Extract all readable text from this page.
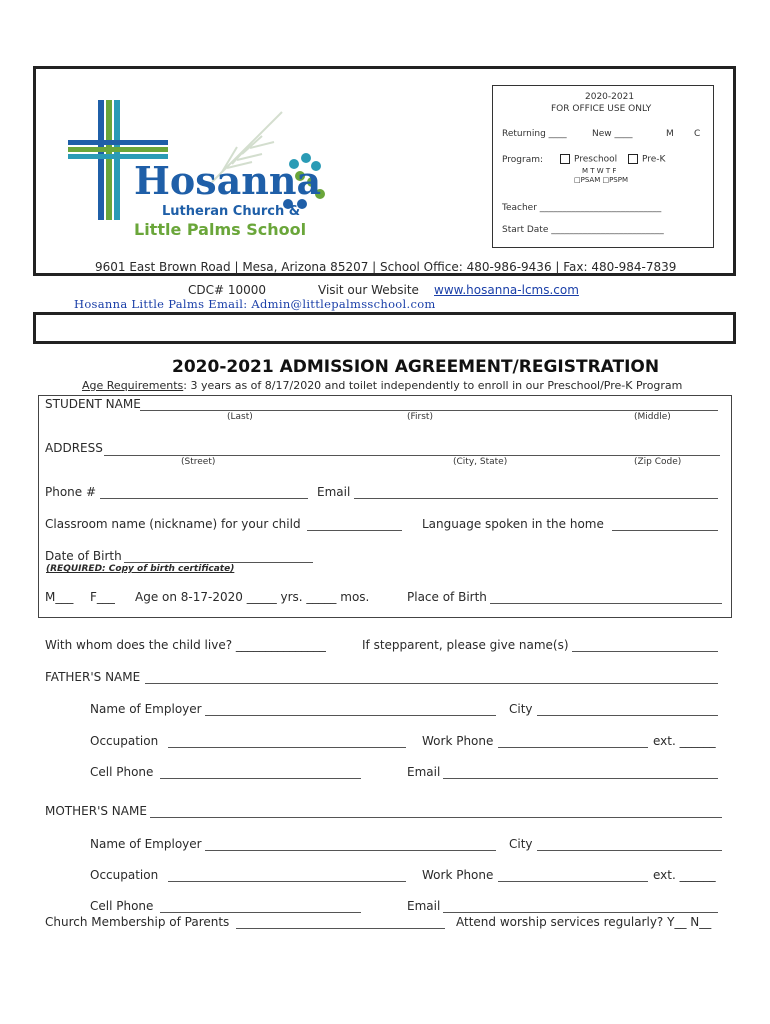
Hosanna
Lutheran Church &
Little Palms School
2020-2021
FOR OFFICE USE ONLY
Returning ____	New ____	M C
Program:	Preschool	Pre-K
M T W T F
□PSAM □PSPM
Teacher ___________________________
Start Date _________________________
9601 East Brown Road | Mesa, Arizona 85207 | School Office: 480-986-9436 | Fax: 480-984-7839
CDC# 10000	Visit our Website www.hosanna-lcms.com
Hosanna Little Palms Email: Admin@littlepalmsschool.com
2020-2021 ADMISSION AGREEMENT/REGISTRATION
Age Requirements: 3 years as of 8/17/2020 and toilet independently to enroll in our Preschool/Pre-K Program
STUDENT NAME
(Last)	(First)	(Middle)
ADDRESS
(Street)	(City, State)	(Zip Code)
Phone #	Email
Classroom name (nickname) for your child	Language spoken in the home
Date of Birth
(REQUIRED: Copy of birth certificate)
M___ F___ Age on 8-17-2020 _____ yrs. _____ mos.	Place of Birth
With whom does the child live? _______________	If stepparent, please give name(s)
FATHER'S NAME
Name of Employer	City
Occupation	Work Phone	ext. ______
Cell Phone	Email
MOTHER'S NAME
Name of Employer	City
Occupation	Work Phone	ext. ______
Cell Phone	Email
Church Membership of Parents	Attend worship services regularly? Y__ N__
